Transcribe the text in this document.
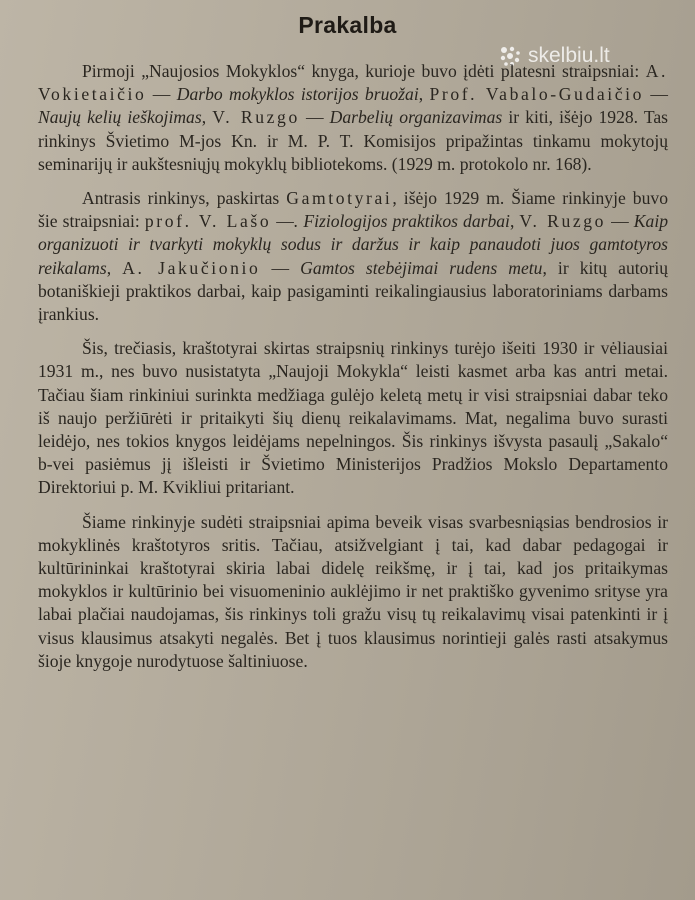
Prakalba
skelbiu.lt

Pirmoji „Naujosios Mokyklos“ knyga, kurioje buvo įdėti platesni straipsniai: A. Vokietaičio — Darbo mokyklos istorijos bruožai, Prof. Vabalo-Gudaičio — Naujų kelių ieškojimas, V. Ruzgo — Darbelių organizavimas ir kiti, išėjo 1928. Tas rinkinys Švietimo M-jos Kn. ir M. P. T. Komisijos pripažintas tinkamu mokytojų seminarijų ir aukštesniųjų mokyklų bibliotekoms. (1929 m. protokolo nr. 168).

Antrasis rinkinys, paskirtas Gamtotyrai, išėjo 1929 m. Šiame rinkinyje buvo šie straipsniai: prof. V. Lašo —. Fiziologijos praktikos darbai, V. Ruzgo — Kaip organizuoti ir tvarkyti mokyklų sodus ir daržus ir kaip panaudoti juos gamtotyros reikalams, A. Jakučionio — Gamtos stebėjimai rudens metu, ir kitų autorių botaniškieji praktikos darbai, kaip pasigaminti reikalingiausius laboratoriniams darbams įrankius.

Šis, trečiasis, kraštotyrai skirtas straipsnių rinkinys turėjo išeiti 1930 ir vėliausiai 1931 m., nes buvo nusistatyta „Naujoji Mokykla“ leisti kasmet arba kas antri metai. Tačiau šiam rinkiniui surinkta medžiaga gulėjo keletą metų ir visi straipsniai dabar teko iš naujo peržiūrėti ir pritaikyti šių dienų reikalavimams. Mat, negalima buvo surasti leidėjo, nes tokios knygos leidėjams nepelningos. Šis rinkinys išvysta pasaulį „Sakalo“ b-vei pasiėmus jį išleisti ir Švietimo Ministerijos Pradžios Mokslo Departamento Direktoriui p. M. Kvikliui pritariant.

Šiame rinkinyje sudėti straipsniai apima beveik visas svarbesniąsias bendrosios ir mokyklinės kraštotyros sritis. Tačiau, atsižvelgiant į tai, kad dabar pedagogai ir kultūrininkai kraštotyrai skiria labai didelę reikšmę, ir į tai, kad jos pritaikymas mokyklos ir kultūrinio bei visuomeninio auklėjimo ir net praktiško gyvenimo srityse yra labai plačiai naudojamas, šis rinkinys toli gražu visų tų reikalavimų visai patenkinti ir į visus klausimus atsakyti negalės. Bet į tuos klausimus norintieji galės rasti atsakymus šioje knygoje nurodytuose šaltiniuose.
